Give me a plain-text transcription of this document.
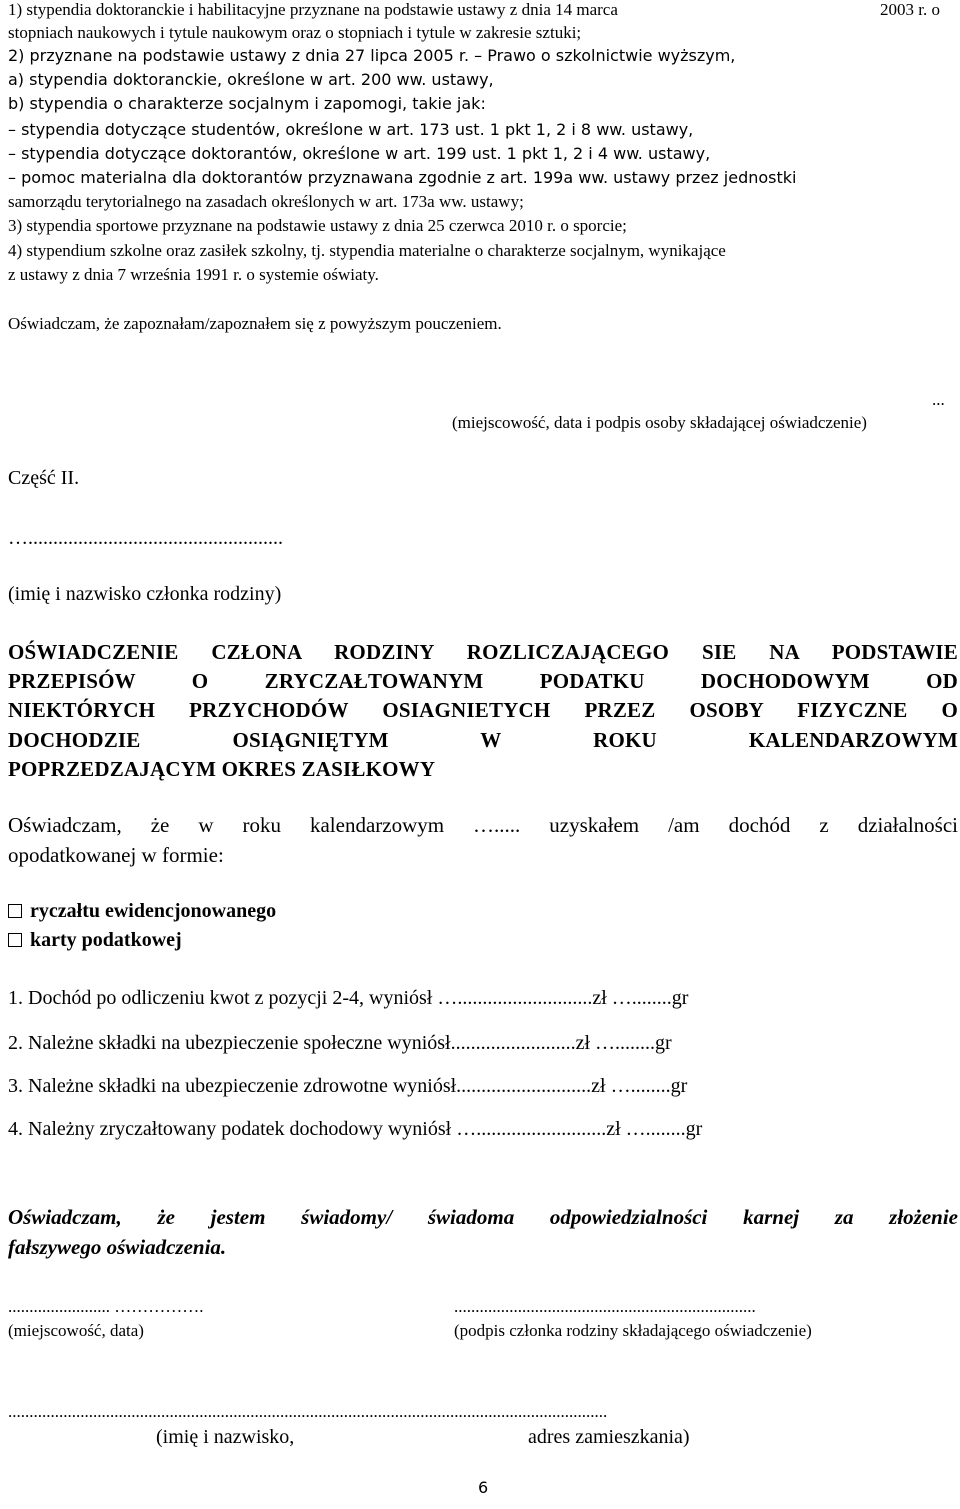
1) stypendia doktoranckie i habilitacyjne przyznane na podstawie ustawy z dnia 14 marca	2003 r. o
stopniach naukowych i tytule naukowym oraz o stopniach i tytule w zakresie sztuki;
2) przyznane na podstawie ustawy z dnia 27 lipca 2005 r. – Prawo o szkolnictwie wyższym,
a) stypendia doktoranckie, określone w art. 200 ww. ustawy,
b) stypendia o charakterze socjalnym i zapomogi, takie jak:
– stypendia dotyczące studentów, określone w art. 173 ust. 1 pkt 1, 2 i 8 ww. ustawy,
– stypendia dotyczące doktorantów, określone w art. 199 ust. 1 pkt 1, 2 i 4 ww. ustawy,
– pomoc materialna dla doktorantów przyznawana zgodnie z art. 199a ww. ustawy przez jednostki
samorządu terytorialnego na zasadach określonych w art. 173a ww. ustawy;
3) stypendia sportowe przyznane na podstawie ustawy z dnia 25 czerwca 2010 r. o sporcie;
4) stypendium szkolne oraz zasiłek szkolny, tj. stypendia materialne o charakterze socjalnym, wynikające
z ustawy z dnia 7 września 1991 r. o systemie oświaty.
Oświadczam, że zapoznałam/zapoznałem się z powyższym pouczeniem.
...
(miejscowość, data i podpis osoby składającej oświadczenie)
Część II.
…...................................................
(imię i nazwisko członka rodziny)
OŚWIADCZENIE CZŁONA RODZINY ROZLICZAJĄCEGO SIE NA PODSTAWIE
PRZEPISÓW O ZRYCZAŁTOWANYM PODATKU DOCHODOWYM OD
NIEKTÓRYCH PRZYCHODÓW OSIAGNIETYCH PRZEZ OSOBY FIZYCZNE O
DOCHODZIE OSIĄGNIĘTYM W ROKU KALENDARZOWYM
POPRZEDZAJĄCYM OKRES ZASIŁKOWY
Oświadczam, że w roku kalendarzowym …..... uzyskałem /am dochód z działalności
opodatkowanej w formie:
ryczałtu ewidencjonowanego
karty podatkowej
1. Dochód po odliczeniu kwot z pozycji 2-4, wyniósł …...........................zł …........gr
2. Należne składki na ubezpieczenie społeczne wyniósł.........................zł …........gr
3. Należne składki na ubezpieczenie zdrowotne wyniósł...........................zł …........gr
4. Należny zryczałtowany podatek dochodowy wyniósł …..........................zł …........gr
Oświadczam, że jestem świadomy/ świadoma odpowiedzialności karnej za złożenie
fałszywego oświadczenia.
........................ …………….
(miejscowość, data)
.......................................................................
(podpis członka rodziny składającego oświadczenie)
.............................................................................................................................................
(imię i nazwisko,	adres zamieszkania)
6
